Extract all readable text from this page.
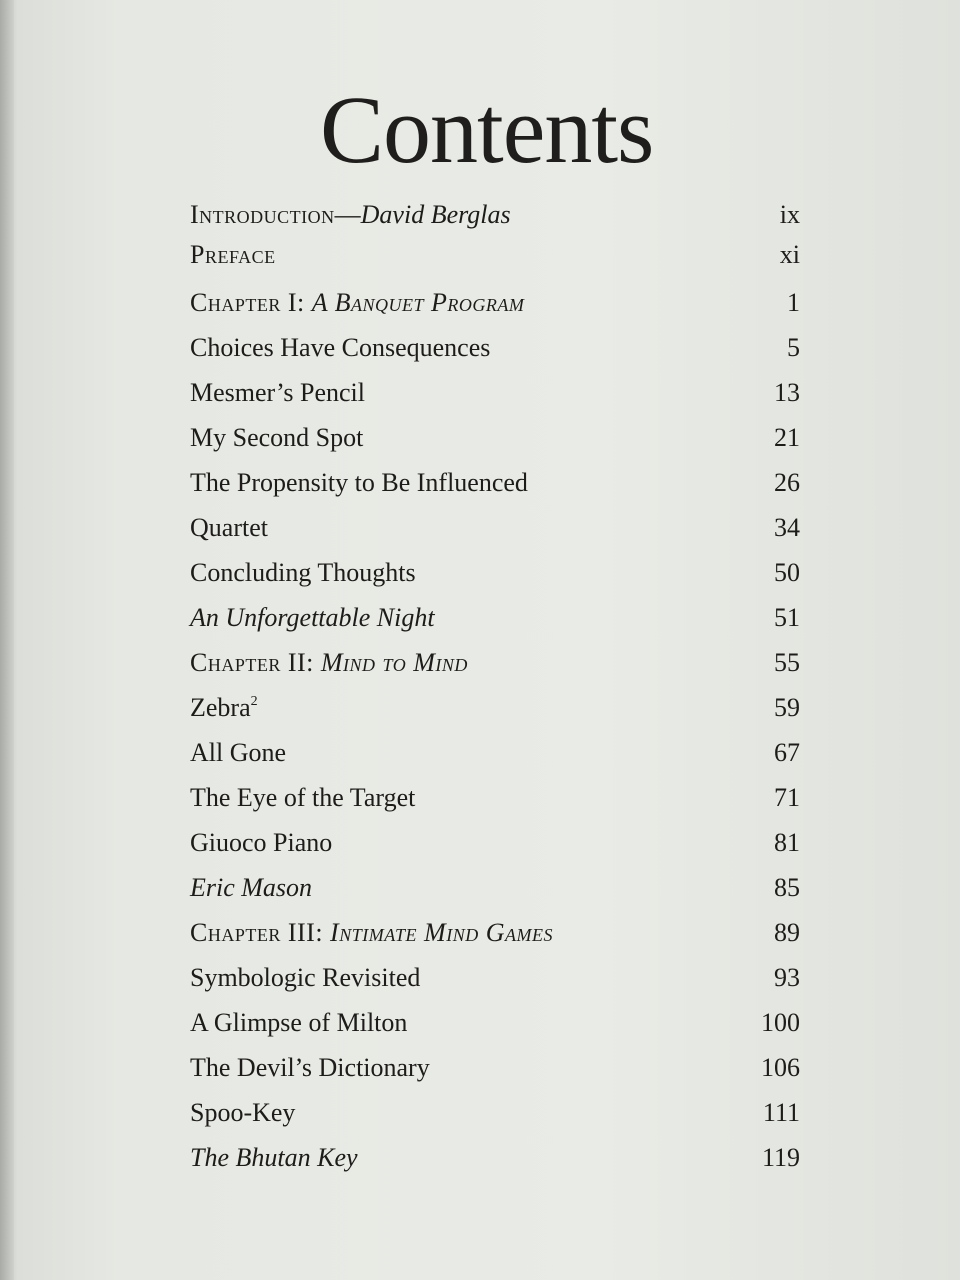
Contents
Introduction—David Berglas	ix
Preface	xi
Chapter I: A Banquet Program	1
Choices Have Consequences	5
Mesmer’s Pencil	13
My Second Spot	21
The Propensity to Be Influenced	26
Quartet	34
Concluding Thoughts	50
An Unforgettable Night	51
Chapter II: Mind to Mind	55
Zebra$^2$	59
All Gone	67
The Eye of the Target	71
Giuoco Piano	81
Eric Mason	85
Chapter III: Intimate Mind Games	89
Symbologic Revisited	93
A Glimpse of Milton	100
The Devil’s Dictionary	106
Spoo-Key	111
The Bhutan Key	119
